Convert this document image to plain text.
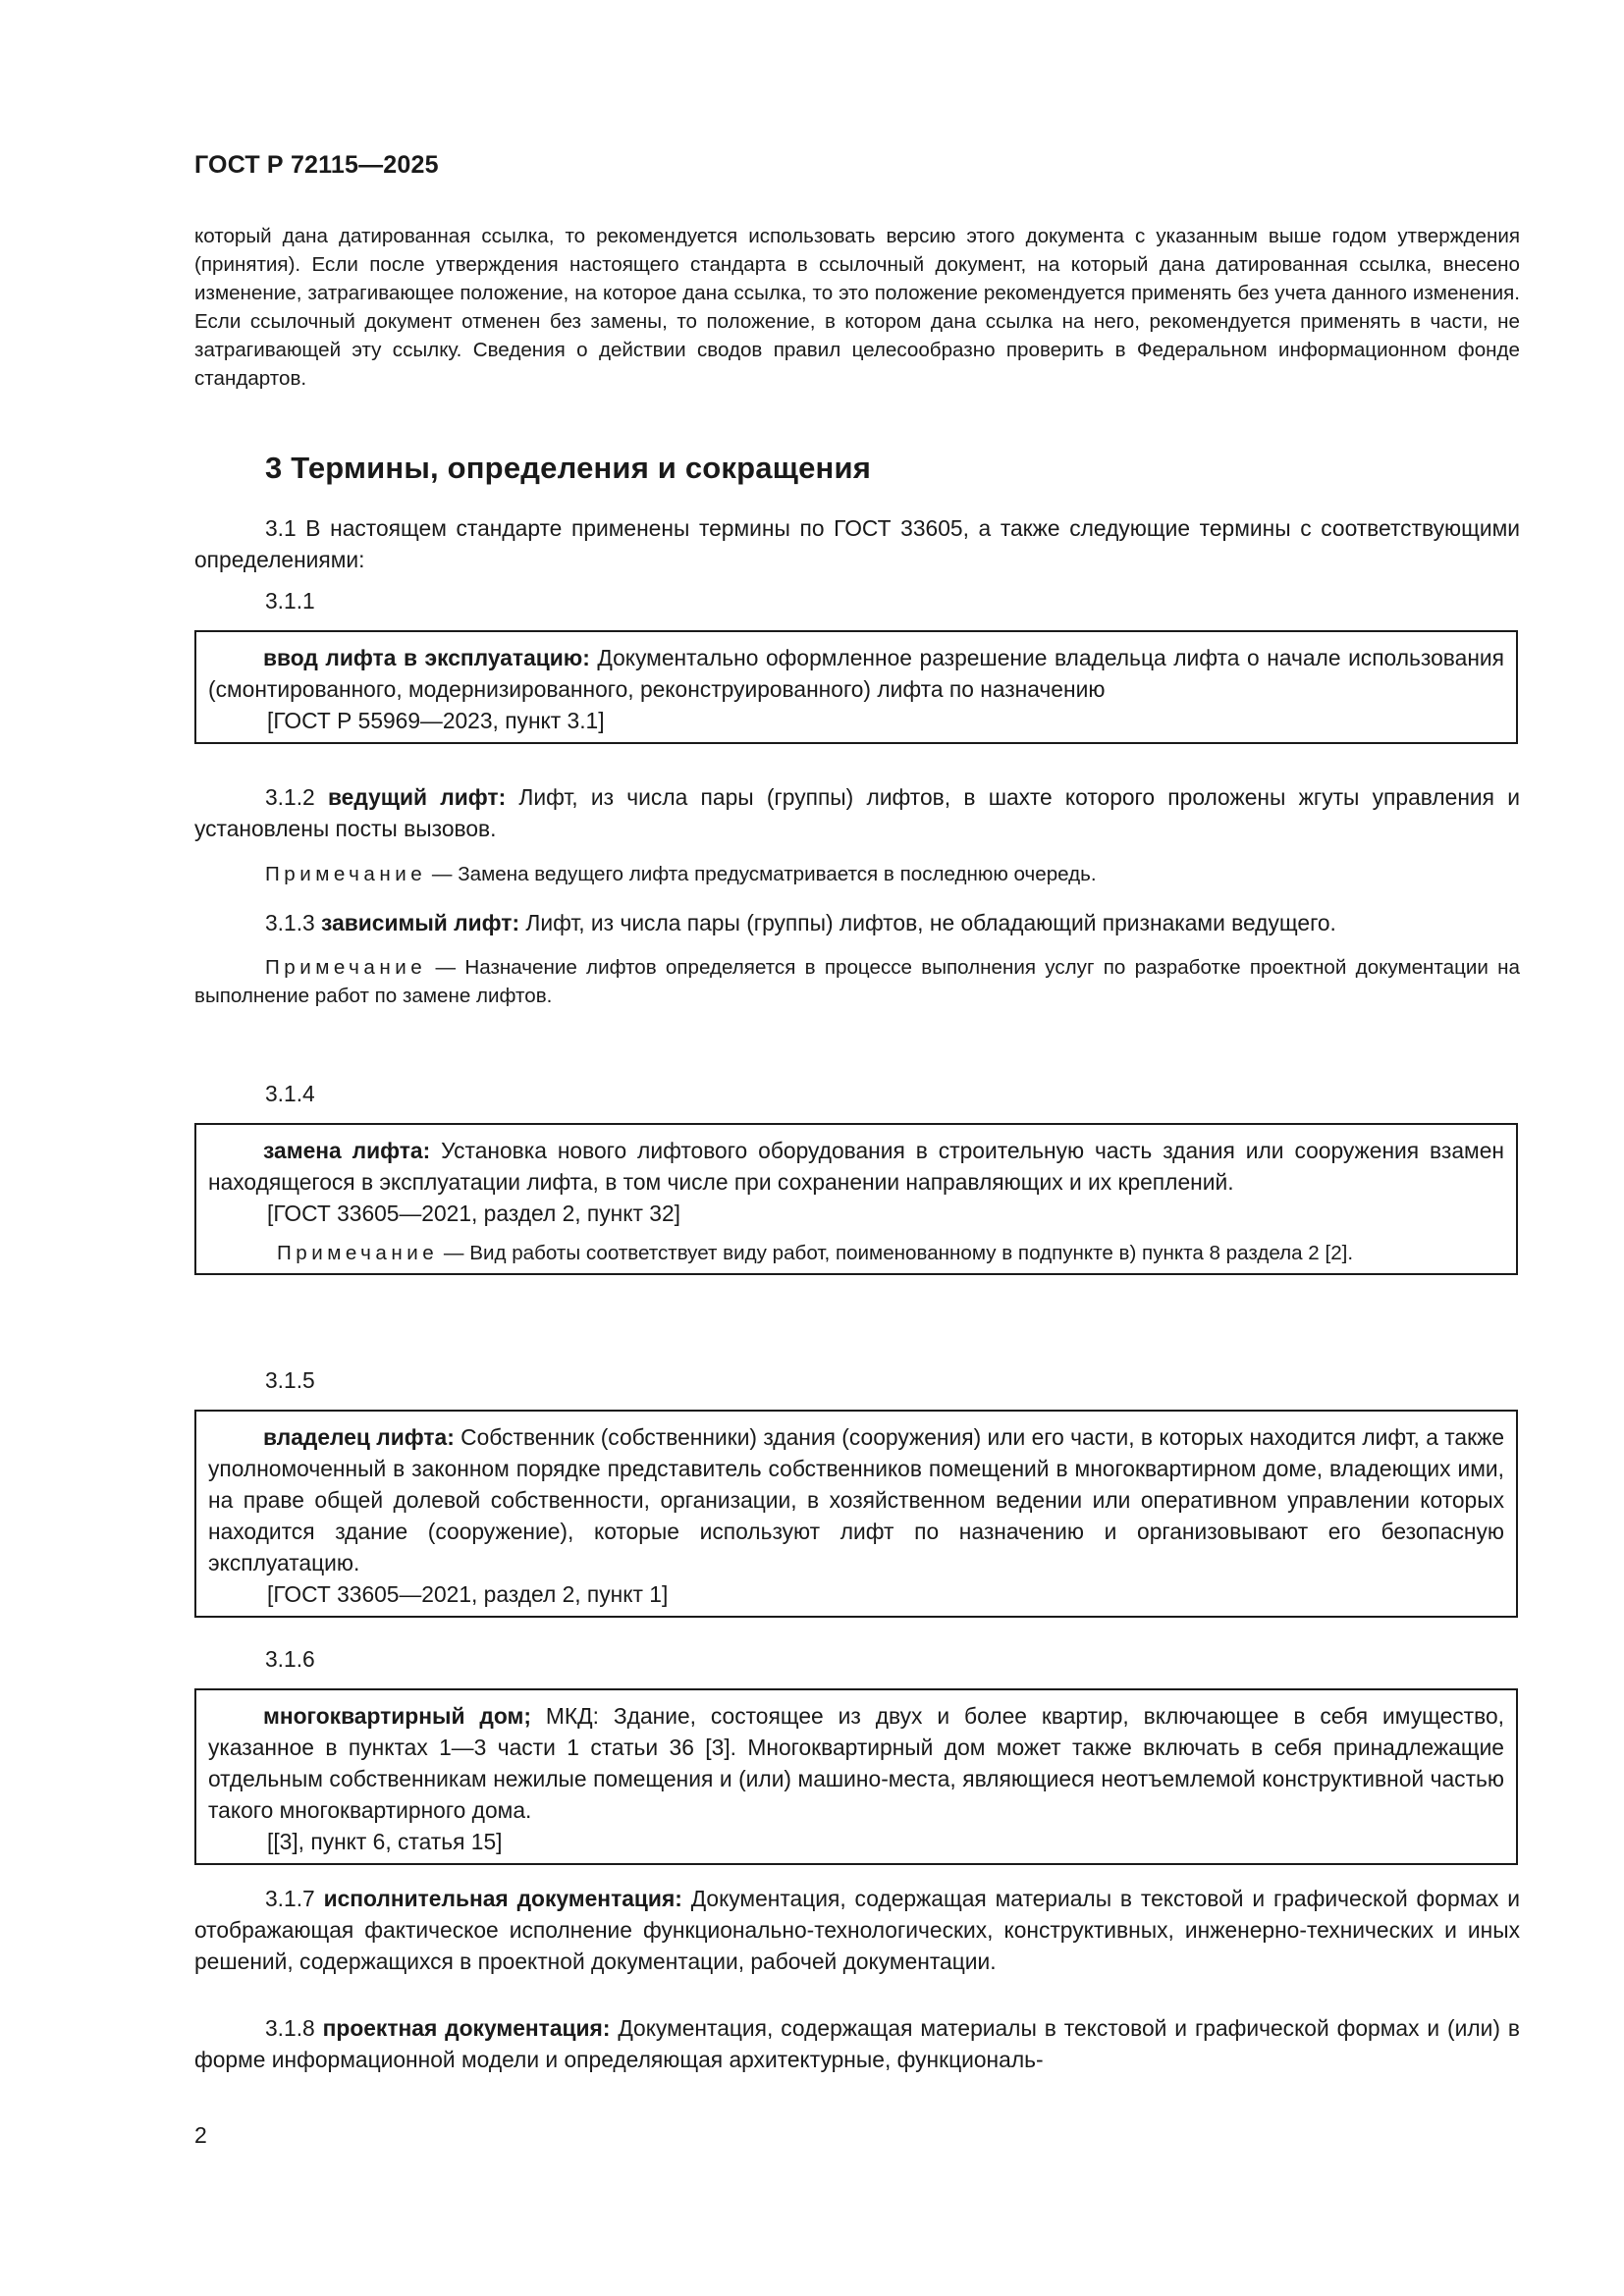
ГОСТ Р 72115—2025

который дана датированная ссылка, то рекомендуется использовать версию этого документа с указанным выше годом утверждения (принятия). Если после утверждения настоящего стандарта в ссылочный документ, на который дана датированная ссылка, внесено изменение, затрагивающее положение, на которое дана ссылка, то это положение рекомендуется применять без учета данного изменения. Если ссылочный документ отменен без замены, то положение, в котором дана ссылка на него, рекомендуется применять в части, не затрагивающей эту ссылку. Сведения о действии сводов правил целесообразно проверить в Федеральном информационном фонде стандартов.

3 Термины, определения и сокращения

3.1 В настоящем стандарте применены термины по ГОСТ 33605, а также следующие термины с соответствующими определениями:

3.1.1

ввод лифта в эксплуатацию: Документально оформленное разрешение владельца лифта о начале использования (смонтированного, модернизированного, реконструированного) лифта по назначению

[ГОСТ Р 55969—2023, пункт 3.1]

3.1.2 ведущий лифт: Лифт, из числа пары (группы) лифтов, в шахте которого проложены жгуты управления и установлены посты вызовов.

Примечание — Замена ведущего лифта предусматривается в последнюю очередь.

3.1.3 зависимый лифт: Лифт, из числа пары (группы) лифтов, не обладающий признаками ведущего.

Примечание — Назначение лифтов определяется в процессе выполнения услуг по разработке проектной документации на выполнение работ по замене лифтов.

3.1.4

замена лифта: Установка нового лифтового оборудования в строительную часть здания или сооружения взамен находящегося в эксплуатации лифта, в том числе при сохранении направляющих и их креплений.

[ГОСТ 33605—2021, раздел 2, пункт 32]

Примечание — Вид работы соответствует виду работ, поименованному в подпункте в) пункта 8 раздела 2 [2].

3.1.5

владелец лифта: Собственник (собственники) здания (сооружения) или его части, в которых находится лифт, а также уполномоченный в законном порядке представитель собственников помещений в многоквартирном доме, владеющих ими, на праве общей долевой собственности, организации, в хозяйственном ведении или оперативном управлении которых находится здание (сооружение), которые используют лифт по назначению и организовывают его безопасную эксплуатацию.

[ГОСТ 33605—2021, раздел 2, пункт 1]

3.1.6

многоквартирный дом; МКД: Здание, состоящее из двух и более квартир, включающее в себя имущество, указанное в пунктах 1—3 части 1 статьи 36 [3]. Многоквартирный дом может также включать в себя принадлежащие отдельным собственникам нежилые помещения и (или) машино-места, являющиеся неотъемлемой конструктивной частью такого многоквартирного дома.

[[3], пункт 6, статья 15]

3.1.7 исполнительная документация: Документация, содержащая материалы в текстовой и графической формах и отображающая фактическое исполнение функционально-технологических, конструктивных, инженерно-технических и иных решений, содержащихся в проектной документации, рабочей документации.

3.1.8 проектная документация: Документация, содержащая материалы в текстовой и графической формах и (или) в форме информационной модели и определяющая архитектурные, функциональ-

2
